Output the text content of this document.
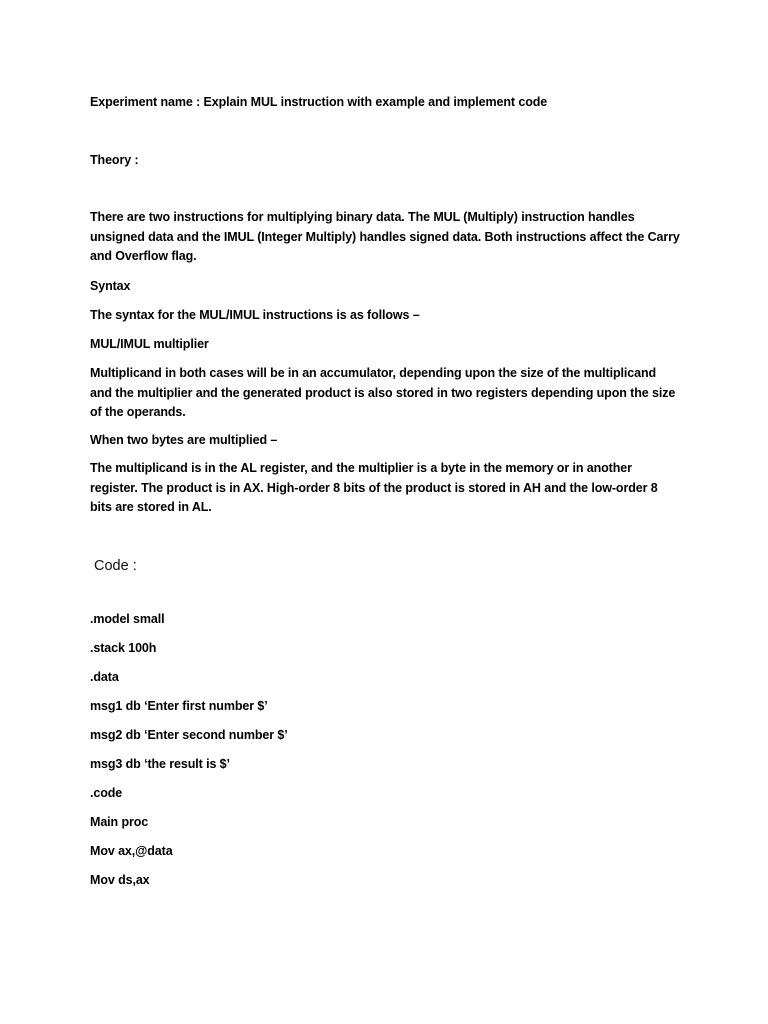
Experiment name : Explain MUL instruction with example and implement code
Theory :
There are two instructions for multiplying binary data. The MUL (Multiply) instruction handles unsigned data and the IMUL (Integer Multiply) handles signed data. Both instructions affect the Carry and Overflow flag.
Syntax
The syntax for the MUL/IMUL instructions is as follows –
MUL/IMUL multiplier
Multiplicand in both cases will be in an accumulator, depending upon the size of the multiplicand and the multiplier and the generated product is also stored in two registers depending upon the size of the operands.
When two bytes are multiplied –
The multiplicand is in the AL register, and the multiplier is a byte in the memory or in another register. The product is in AX. High-order 8 bits of the product is stored in AH and the low-order 8 bits are stored in AL.
Code :
.model small
.stack 100h
.data
msg1 db ‘Enter first number $’
msg2 db ‘Enter second number $’
msg3 db ‘the result is $’
.code
Main proc
Mov ax,@data
Mov ds,ax
